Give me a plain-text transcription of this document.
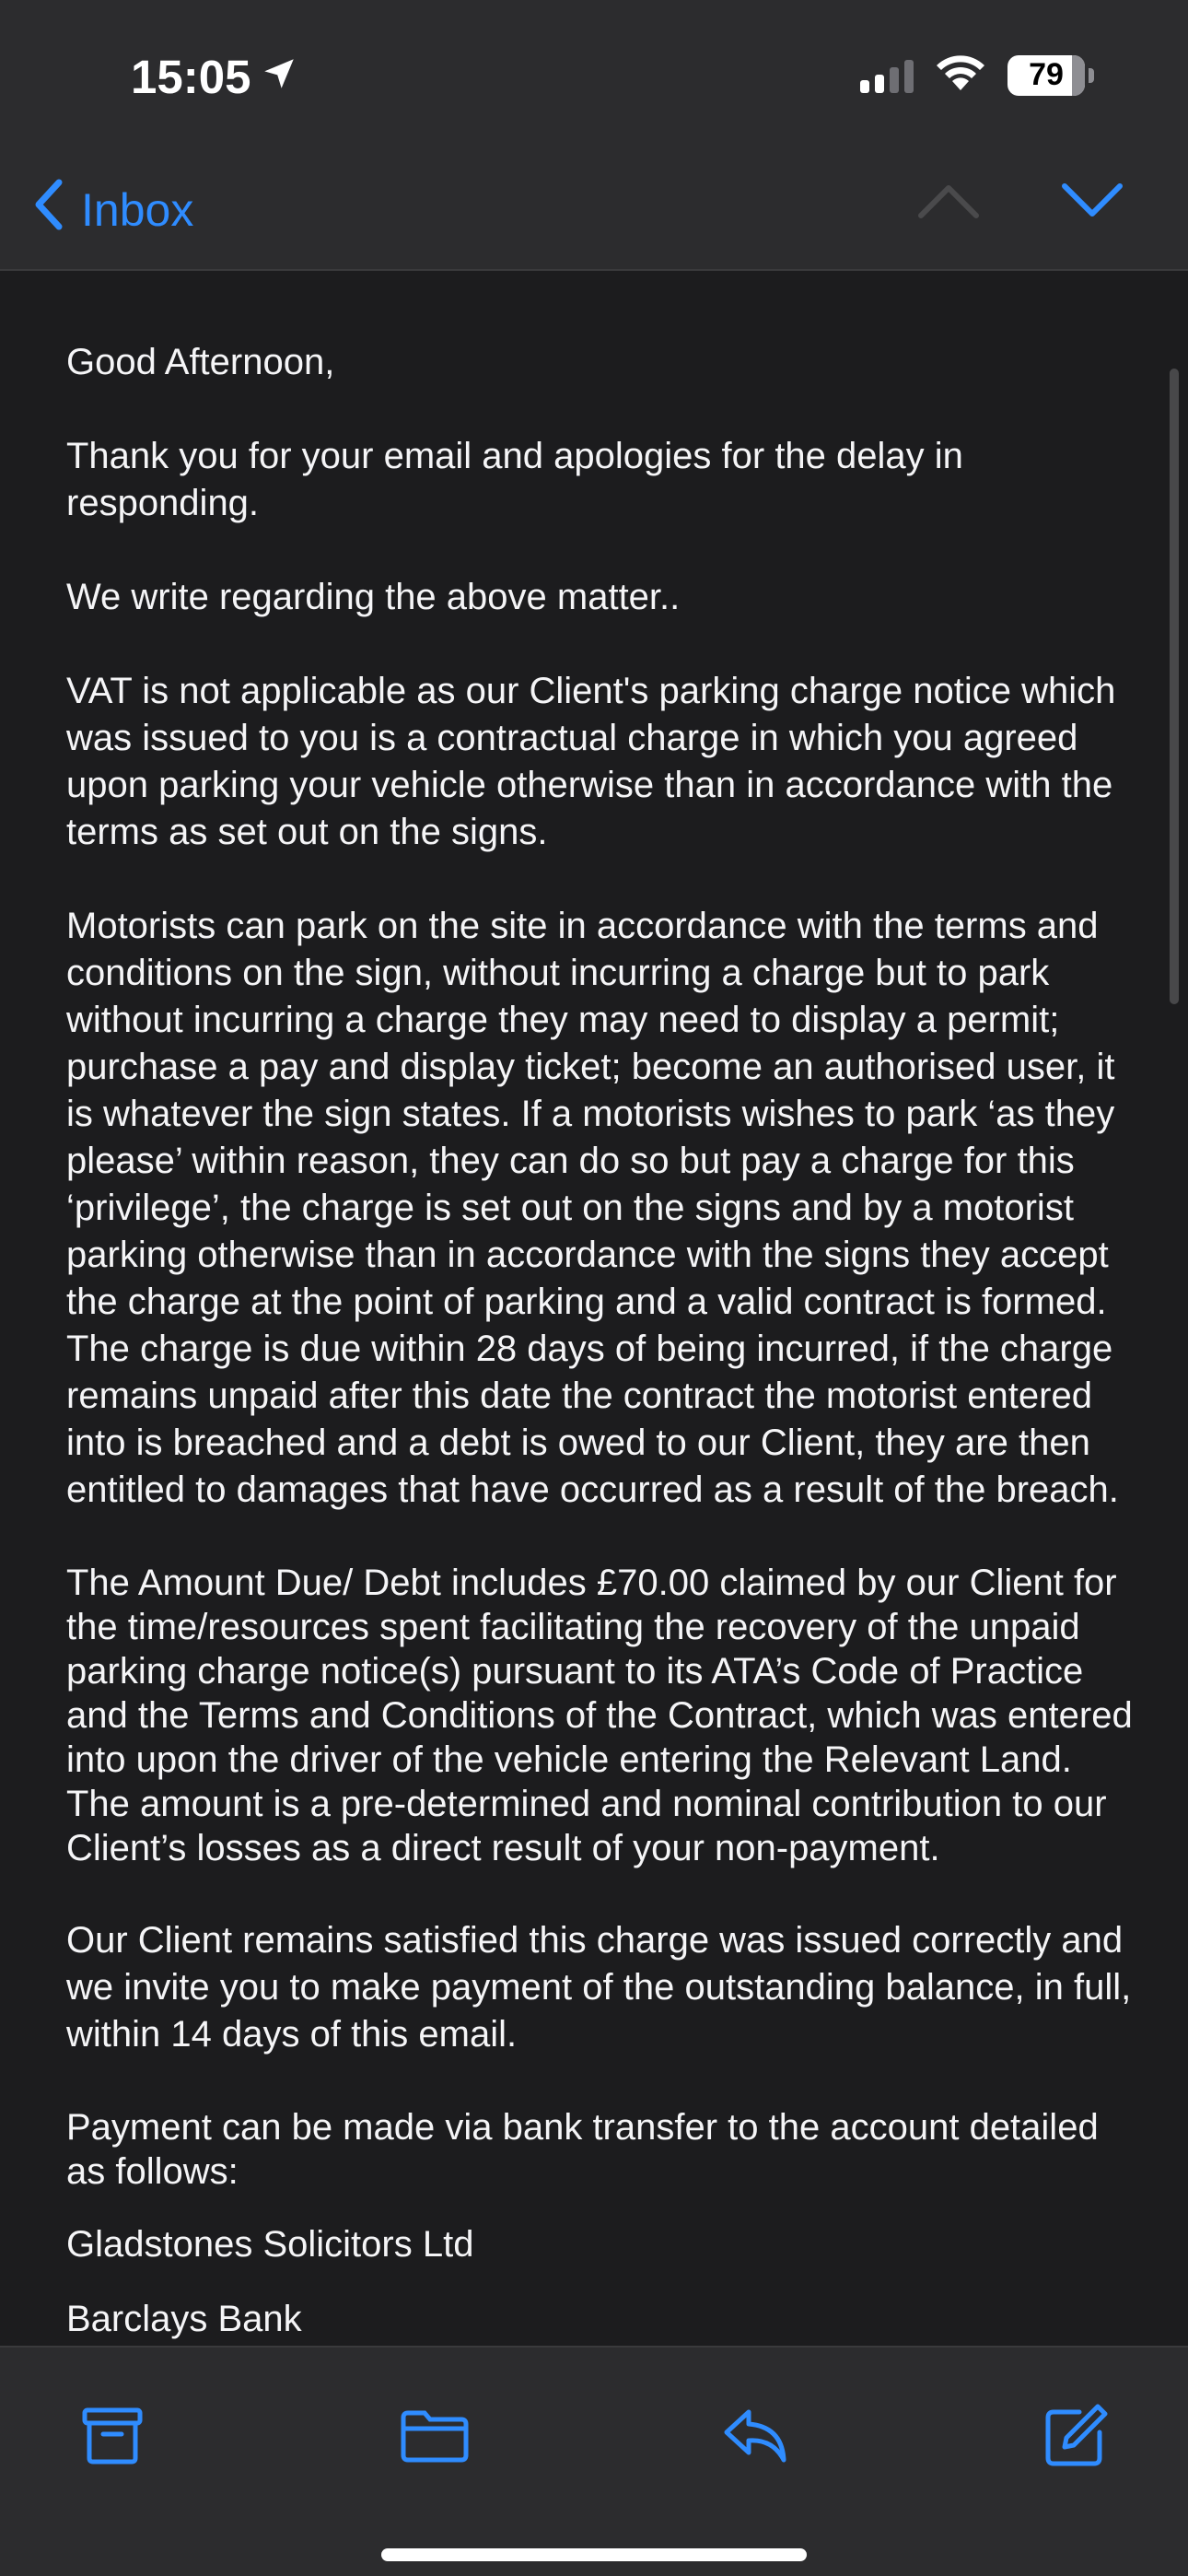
15:05	79
Inbox

Good Afternoon,

Thank you for your email and apologies for the delay in responding.

We write regarding the above matter..

VAT is not applicable as our Client's parking charge notice which was issued to you is a contractual charge in which you agreed upon parking your vehicle otherwise than in accordance with the terms as set out on the signs.

Motorists can park on the site in accordance with the terms and conditions on the sign, without incurring a charge but to park without incurring a charge they may need to display a permit; purchase a pay and display ticket; become an authorised user, it is whatever the sign states. If a motorists wishes to park ‘as they please’ within reason, they can do so but pay a charge for this ‘privilege’, the charge is set out on the signs and by a motorist parking otherwise than in accordance with the signs they accept the charge at the point of parking and a valid contract is formed. The charge is due within 28 days of being incurred, if the charge remains unpaid after this date the contract the motorist entered into is breached and a debt is owed to our Client, they are then entitled to damages that have occurred as a result of the breach.

The Amount Due/ Debt includes £70.00 claimed by our Client for the time/resources spent facilitating the recovery of the unpaid parking charge notice(s) pursuant to its ATA’s Code of Practice and the Terms and Conditions of the Contract, which was entered into upon the driver of the vehicle entering the Relevant Land. The amount is a pre-determined and nominal contribution to our Client’s losses as a direct result of your non-payment.

Our Client remains satisfied this charge was issued correctly and we invite you to make payment of the outstanding balance, in full, within 14 days of this email.

Payment can be made via bank transfer to the account detailed as follows:

Gladstones Solicitors Ltd

Barclays Bank
